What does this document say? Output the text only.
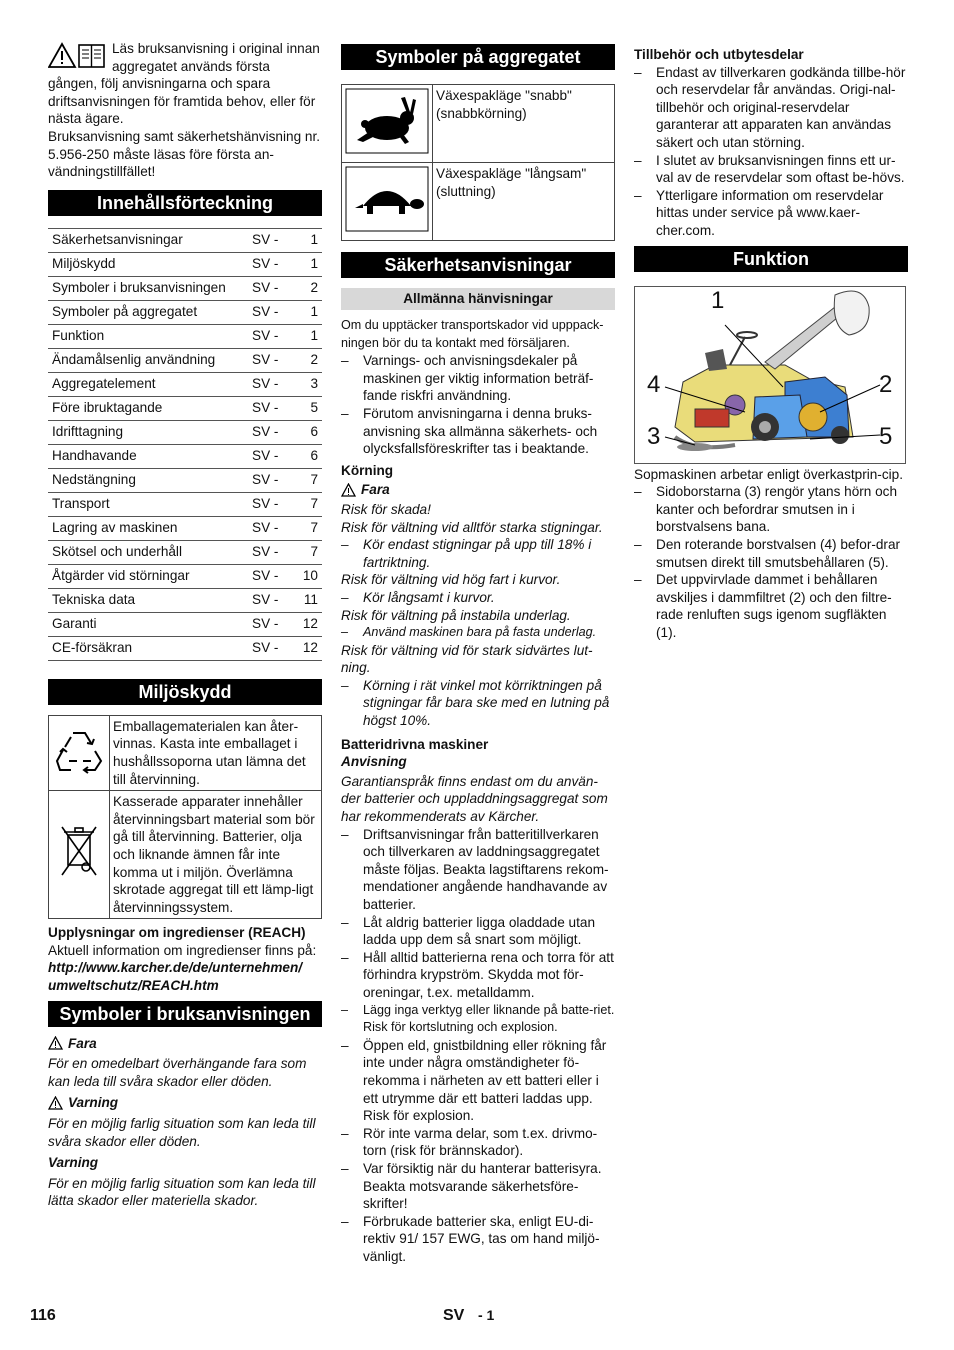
Läs bruksanvisning i original innan aggregatet används första gången, följ anvisningarna och spara driftsanvisningen för framtida behov, eller för nästa ägare.

Bruksanvisning samt säkerhetshänvisning nr. 5.956-250 måste läsas före första an-vändningstillfället!

Innehållsförteckning
Säkerhetsanvisningar	SV -	1
Miljöskydd	SV -	1
Symboler i bruksanvisningen	SV -	2
Symboler på aggregatet	SV -	1
Funktion	SV -	1
Ändamålsenlig användning	SV -	2
Aggregatelement	SV -	3
Före ibruktagande	SV -	5
Idrifttagning	SV -	6
Handhavande	SV -	6
Nedstängning	SV -	7
Transport	SV -	7
Lagring av maskinen	SV -	7
Skötsel och underhåll	SV -	7
Åtgärder vid störningar	SV -	10
Tekniska data	SV -	11
Garanti	SV -	12
CE-försäkran	SV -	12
Miljöskydd
	Emballagematerialen kan åter-vinnas. Kasta inte emballaget i hushållssoporna utan lämna det till återvinning.
	Kasserade apparater innehåller återvinningsbart material som bör gå till återvinning. Batterier, olja och liknande ämnen får inte komma ut i miljön. Överlämna skrotade aggregat till ett lämp-ligt återvinningssystem.

Upplysningar om ingredienser (REACH)

Aktuell information om ingredienser finns på:

http://www.karcher.de/de/unternehmen/ umweltschutz/REACH.htm

Symboler i bruksanvisningen
Fara

För en omedelbart överhängande fara som kan leda till svåra skador eller döden.

Varning

För en möjlig farlig situation som kan leda till svåra skador eller döden.

Varning

För en möjlig farlig situation som kan leda till lätta skador eller materiella skador.

Symboler på aggregatet
	Växespakläge "snabb" (snabbkörning)
	Växespakläge "långsam" (sluttning)
Säkerhetsanvisningar
Allmänna hänvisningar

Om du upptäcker transportskador vid upppack-ningen bör du ta kontakt med försäljaren.

– Varnings- och anvisningsdekaler på maskinen ger viktig information beträf-fande riskfri användning.
– Förutom anvisningarna i denna bruks-anvisning ska allmänna säkerhets- och olycksfallsföreskrifter tas i beaktande.

Körning

Fara

Risk för skada!

Risk för vältning vid alltför starka stigningar.

– Kör endast stigningar på upp till 18% i fartriktning.

Risk för vältning vid hög fart i kurvor.

– Kör långsamt i kurvor.

Risk för vältning på instabila underlag.

– Använd maskinen bara på fasta underlag.

Risk för vältning vid för stark sidvärtes lut-ning.

– Körning i rät vinkel mot körriktningen på stigningar får bara ske med en lutning på högst 10%.

Batteridrivna maskiner

Anvisning

Garantianspråk finns endast om du använ-der batterier och uppladdningsaggregat som har rekommenderats av Kärcher.

– Driftsanvisningar från batteritillverkaren och tillverkaren av laddningsaggregatet måste följas. Beakta lagstiftarens rekom-mendationer angående handhavande av batterier.
– Låt aldrig batterier ligga oladdade utan ladda upp dem så snart som möjligt.
– Håll alltid batterierna rena och torra för att förhindra krypström. Skydda mot för-oreningar, t.ex. metalldamm.
– Lägg inga verktyg eller liknande på batte-riet. Risk för kortslutning och explosion.
– Öppen eld, gnistbildning eller rökning får inte under några omständigheter fö-rekomma i närheten av ett batteri eller i ett utrymme där ett batteri laddas upp. Risk för explosion.
– Rör inte varma delar, som t.ex. drivmo-torn (risk för brännskador).
– Var försiktig när du hanterar batterisyra. Beakta motsvarande säkerhetsföre-skrifter!
– Förbrukade batterier ska, enligt EU-di-rektiv 91/ 157 EWG, tas om hand miljö-vänligt.

Tillbehör och utbytesdelar

– Endast av tillverkaren godkända tillbe-hör och reservdelar får användas. Origi-nal-tillbehör och original-reservdelar garanterar att apparaten kan användas säkert och utan störning.
– I slutet av bruksanvisningen finns ett ur-val av de reservdelar som oftast be-hövs.
– Ytterligare information om reservdelar hittas under service på www.kaer-cher.com.
Funktion
1
2
3
4
5

Sopmaskinen arbetar enligt överkastprin-cip.

– Sidoborstarna (3) rengör ytans hörn och kanter och befordrar smutsen in i borstvalsens bana.
– Den roterande borstvalsen (4) befor-drar smutsen direkt till smutsbehållaren (5).
– Det uppvirvlade dammet i behållaren avskiljes i dammfiltret (2) och den filtre-rade renluften sugs igenom sugfläkten (1).
116	SV - 1
